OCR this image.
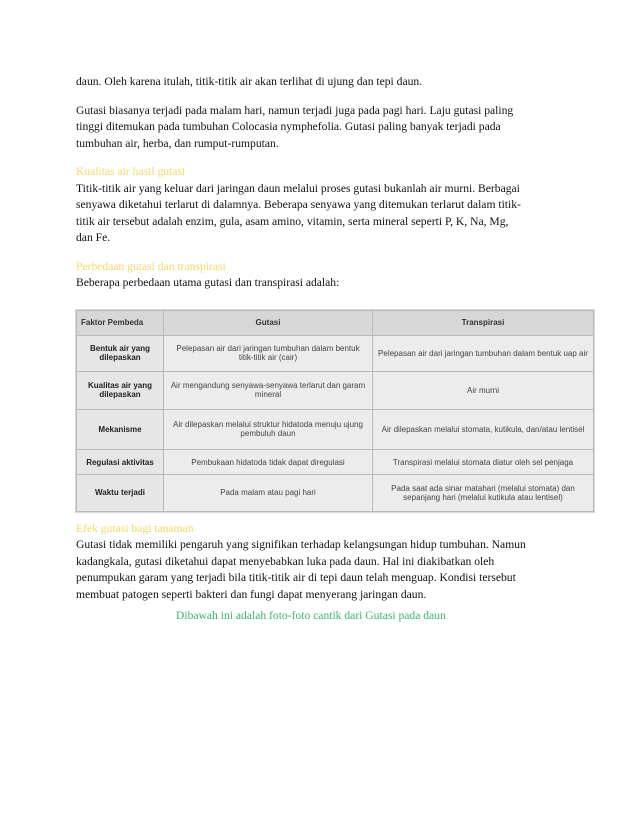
daun. Oleh karena itulah, titik-titik air akan terlihat di ujung dan tepi daun.

Gutasi biasanya terjadi pada malam hari, namun terjadi juga pada pagi hari. Laju gutasi paling
tinggi ditemukan pada tumbuhan Colocasia nymphefolia. Gutasi paling banyak terjadi pada
tumbuhan air, herba, dan rumput-rumputan.

Kualitas air hasil gutasi

Titik-titik air yang keluar dari jaringan daun melalui proses gutasi bukanlah air murni. Berbagai
senyawa diketahui terlarut di dalamnya. Beberapa senyawa yang ditemukan terlarut dalam titik-
titik air tersebut adalah enzim, gula, asam amino, vitamin, serta mineral seperti P, K, Na, Mg,
dan Fe.

Perbedaan gutasi dan transpirasi

Beberapa perbedaan utama gutasi dan transpirasi adalah:

Faktor Pembeda	Gutasi	Transpirasi
Bentuk air yang dilepaskan	Pelepasan air dari jaringan tumbuhan dalam bentuk titik-titik air (cair)	Pelepasan air dari jaringan tumbuhan dalam bentuk uap air
Kualitas air yang dilepaskan	Air mengandung senyawa-senyawa terlarut dan garam mineral	Air murni
Mekanisme	Air dilepaskan melalui struktur hidatoda menuju ujung pembuluh daun	Air dilepaskan melalui stomata, kutikula, dan/atau lentisel
Regulasi aktivitas	Pembukaan hidatoda tidak dapat diregulasi	Transpirasi melalui stomata diatur oleh sel penjaga
Waktu terjadi	Pada malam atau pagi hari	Pada saat ada sinar matahari (melalui stomata) dan sepanjang hari (melalui kutikula atau lentisel)

Efek gutasi bagi tanaman

Gutasi tidak memiliki pengaruh yang signifikan terhadap kelangsungan hidup tumbuhan. Namun
kadangkala, gutasi diketahui dapat menyebabkan luka pada daun. Hal ini diakibatkan oleh
penumpukan garam yang terjadi bila titik-titik air di tepi daun telah menguap. Kondisi tersebut
membuat patogen seperti bakteri dan fungi dapat menyerang jaringan daun.

Dibawah ini adalah foto-foto cantik dari Gutasi pada daun
